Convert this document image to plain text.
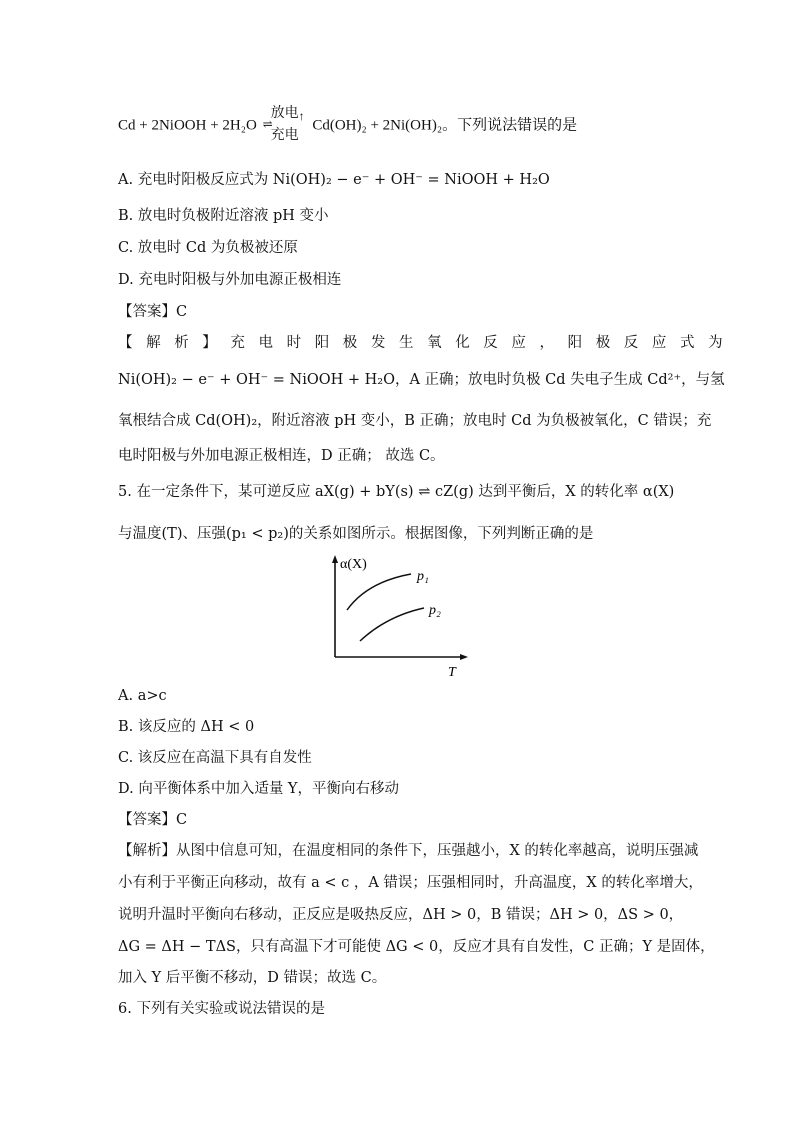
Cd + 2NiOOH + 2H₂O ⇌
放电
充电
↑
Cd(OH)₂ + 2Ni(OH)₂。下列说法错误的是
A. 充电时阳极反应式为 Ni(OH)₂ − e⁻ + OH⁻ = NiOOH + H₂O
B. 放电时负极附近溶液 pH 变小
C. 放电时 Cd 为负极被还原
D. 充电时阳极与外加电源正极相连
【答案】C
【解析】充电时阳极发生氧化反应，阳极反应式为
Ni(OH)₂ − e⁻ + OH⁻ = NiOOH + H₂O，A 正确；放电时负极 Cd 失电子生成 Cd²⁺，与氢
氧根结合成 Cd(OH)₂，附近溶液 pH 变小，B 正确；放电时 Cd 为负极被氧化，C 错误；充
电时阳极与外加电源正极相连，D 正确； 故选 C。
5. 在一定条件下，某可逆反应 aX(g) + bY(s) ⇌ cZ(g) 达到平衡后，X 的转化率 α(X)
与温度(T)、压强(p₁ < p₂)的关系如图所示。根据图像，下列判断正确的是
α(X)
T
p₁
p₂
A. a>c
B. 该反应的 ΔH < 0
C. 该反应在高温下具有自发性
D. 向平衡体系中加入适量 Y，平衡向右移动
【答案】C
【解析】从图中信息可知，在温度相同的条件下，压强越小，X 的转化率越高，说明压强减
小有利于平衡正向移动，故有 a < c ，A 错误；压强相同时，升高温度，X 的转化率增大，
说明升温时平衡向右移动，正反应是吸热反应，ΔH > 0，B 错误；ΔH > 0，ΔS > 0，
ΔG = ΔH − TΔS，只有高温下才可能使 ΔG < 0，反应才具有自发性，C 正确；Y 是固体，
加入 Y 后平衡不移动，D 错误；故选 C。
6. 下列有关实验或说法错误的是
